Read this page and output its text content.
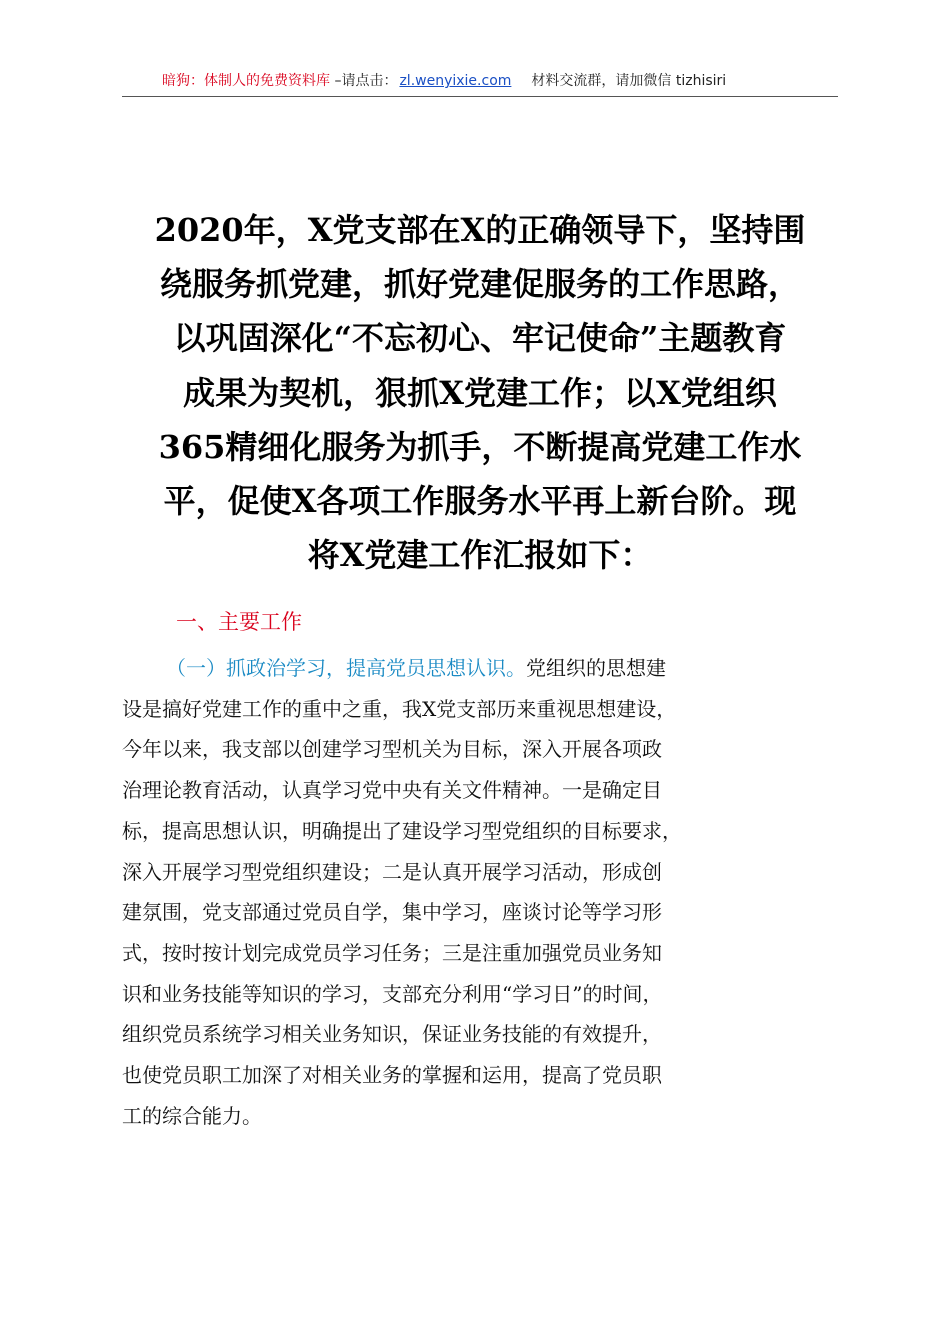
暗狗：体制人的免费资料库 –请点击： zl.wenyixie.com 材料交流群，请加微信 tizhisiri
2020年，X党支部在X的正确领导下，坚持围
绕服务抓党建，抓好党建促服务的工作思路，
以巩固深化“不忘初心、牢记使命”主题教育
成果为契机，狠抓X党建工作；以X党组织
365精细化服务为抓手，不断提高党建工作水
平，促使X各项工作服务水平再上新台阶。现
将X党建工作汇报如下：
一、主要工作
（一）抓政治学习，提高党员思想认识。党组织的思想建
设是搞好党建工作的重中之重，我X党支部历来重视思想建设，
今年以来，我支部以创建学习型机关为目标，深入开展各项政
治理论教育活动，认真学习党中央有关文件精神。一是确定目
标，提高思想认识，明确提出了建设学习型党组织的目标要求，
深入开展学习型党组织建设；二是认真开展学习活动，形成创
建氛围，党支部通过党员自学，集中学习，座谈讨论等学习形
式，按时按计划完成党员学习任务；三是注重加强党员业务知
识和业务技能等知识的学习，支部充分利用“学习日”的时间，
组织党员系统学习相关业务知识，保证业务技能的有效提升，
也使党员职工加深了对相关业务的掌握和运用，提高了党员职
工的综合能力。
